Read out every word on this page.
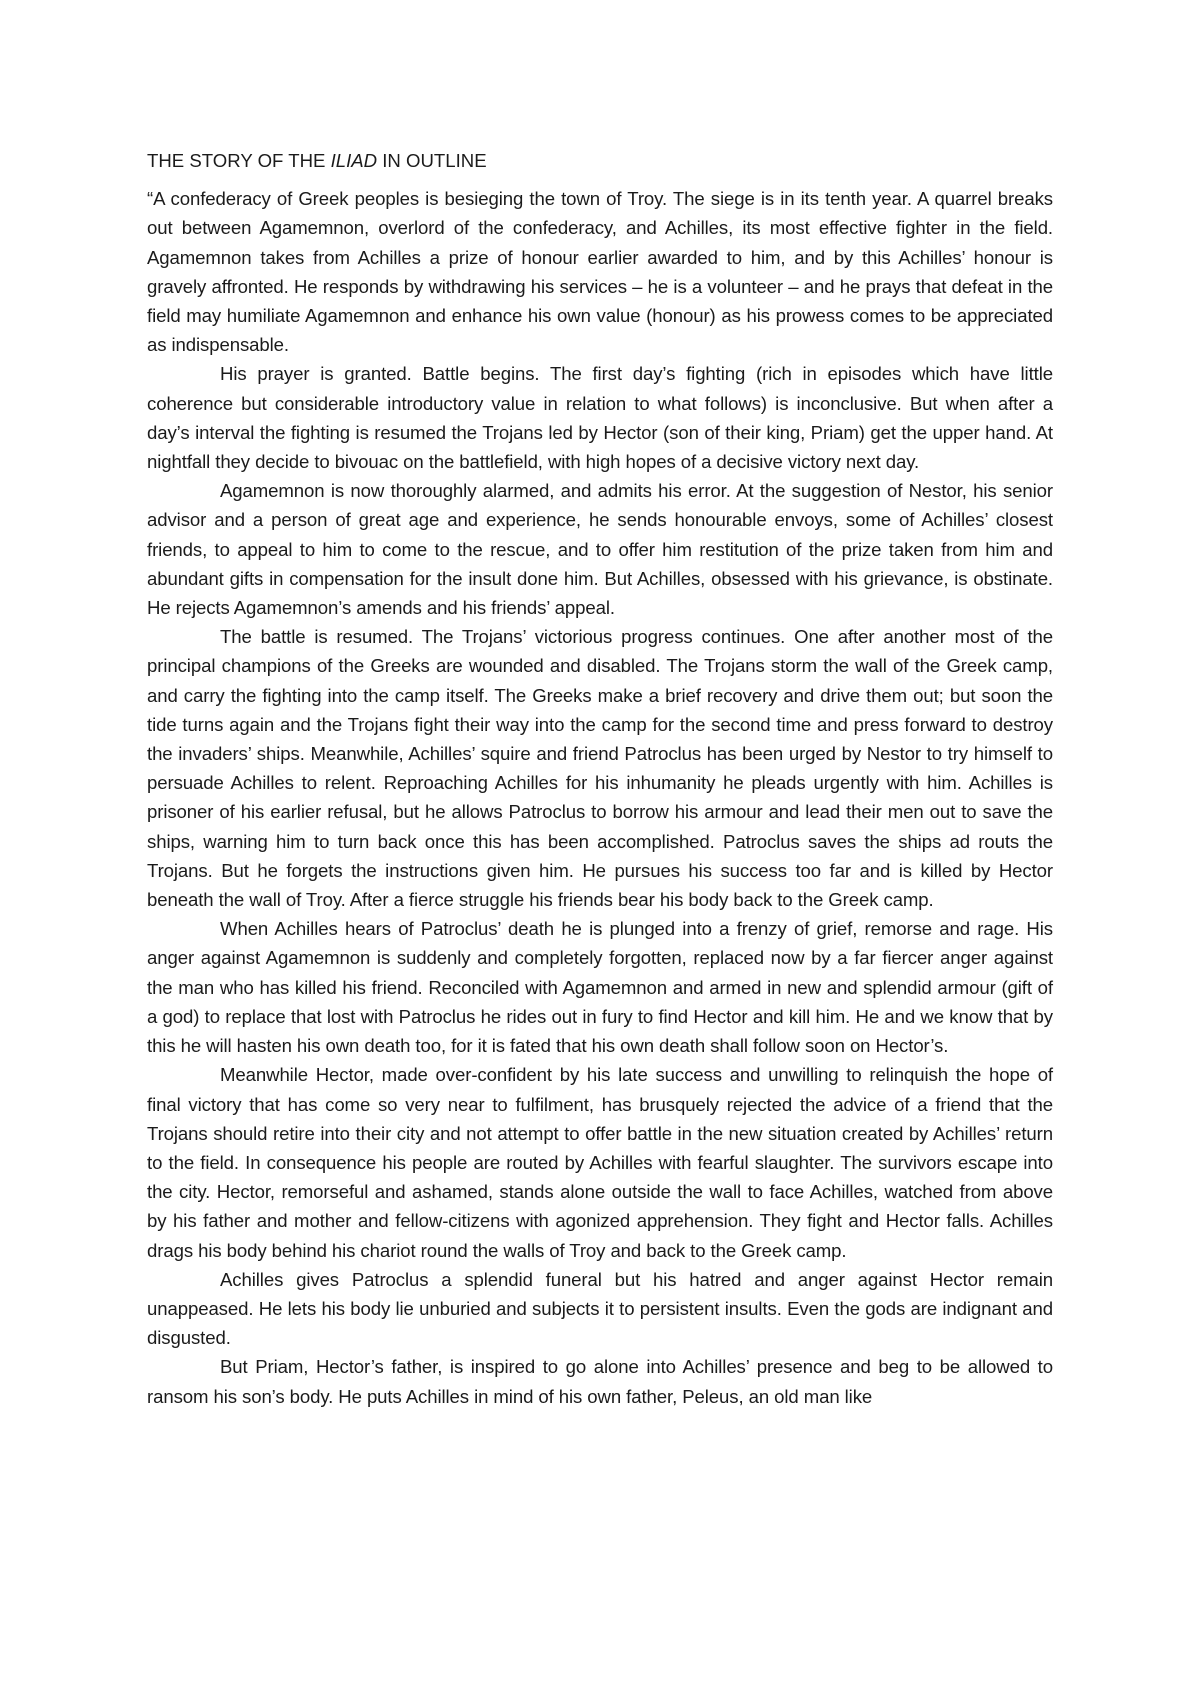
THE STORY OF THE ILIAD IN OUTLINE

“A confederacy of Greek peoples is besieging the town of Troy. The siege is in its tenth year. A quarrel breaks out between Agamemnon, overlord of the confederacy, and Achilles, its most effective fighter in the field. Agamemnon takes from Achilles a prize of honour earlier awarded to him, and by this Achilles’ honour is gravely affronted. He responds by withdrawing his services – he is a volunteer – and he prays that defeat in the field may humiliate Agamemnon and enhance his own value (honour) as his prowess comes to be appreciated as indispensable.

His prayer is granted. Battle begins. The first day’s fighting (rich in episodes which have little coherence but considerable introductory value in relation to what follows) is inconclusive. But when after a day’s interval the fighting is resumed the Trojans led by Hector (son of their king, Priam) get the upper hand. At nightfall they decide to bivouac on the battlefield, with high hopes of a decisive victory next day.

Agamemnon is now thoroughly alarmed, and admits his error. At the suggestion of Nestor, his senior advisor and a person of great age and experience, he sends honourable envoys, some of Achilles’ closest friends, to appeal to him to come to the rescue, and to offer him restitution of the prize taken from him and abundant gifts in compensation for the insult done him. But Achilles, obsessed with his grievance, is obstinate. He rejects Agamemnon’s amends and his friends’ appeal.

The battle is resumed. The Trojans’ victorious progress continues. One after another most of the principal champions of the Greeks are wounded and disabled. The Trojans storm the wall of the Greek camp, and carry the fighting into the camp itself. The Greeks make a brief recovery and drive them out; but soon the tide turns again and the Trojans fight their way into the camp for the second time and press forward to destroy the invaders’ ships. Meanwhile, Achilles’ squire and friend Patroclus has been urged by Nestor to try himself to persuade Achilles to relent. Reproaching Achilles for his inhumanity he pleads urgently with him. Achilles is prisoner of his earlier refusal, but he allows Patroclus to borrow his armour and lead their men out to save the ships, warning him to turn back once this has been accomplished. Patroclus saves the ships ad routs the Trojans. But he forgets the instructions given him. He pursues his success too far and is killed by Hector beneath the wall of Troy. After a fierce struggle his friends bear his body back to the Greek camp.

When Achilles hears of Patroclus’ death he is plunged into a frenzy of grief, remorse and rage. His anger against Agamemnon is suddenly and completely forgotten, replaced now by a far fiercer anger against the man who has killed his friend. Reconciled with Agamemnon and armed in new and splendid armour (gift of a god) to replace that lost with Patroclus he rides out in fury to find Hector and kill him. He and we know that by this he will hasten his own death too, for it is fated that his own death shall follow soon on Hector’s.

Meanwhile Hector, made over-confident by his late success and unwilling to relinquish the hope of final victory that has come so very near to fulfilment, has brusquely rejected the advice of a friend that the Trojans should retire into their city and not attempt to offer battle in the new situation created by Achilles’ return to the field. In consequence his people are routed by Achilles with fearful slaughter. The survivors escape into the city. Hector, remorseful and ashamed, stands alone outside the wall to face Achilles, watched from above by his father and mother and fellow-citizens with agonized apprehension. They fight and Hector falls. Achilles drags his body behind his chariot round the walls of Troy and back to the Greek camp.

Achilles gives Patroclus a splendid funeral but his hatred and anger against Hector remain unappeased. He lets his body lie unburied and subjects it to persistent insults. Even the gods are indignant and disgusted.

But Priam, Hector’s father, is inspired to go alone into Achilles’ presence and beg to be allowed to ransom his son’s body. He puts Achilles in mind of his own father, Peleus, an old man like
